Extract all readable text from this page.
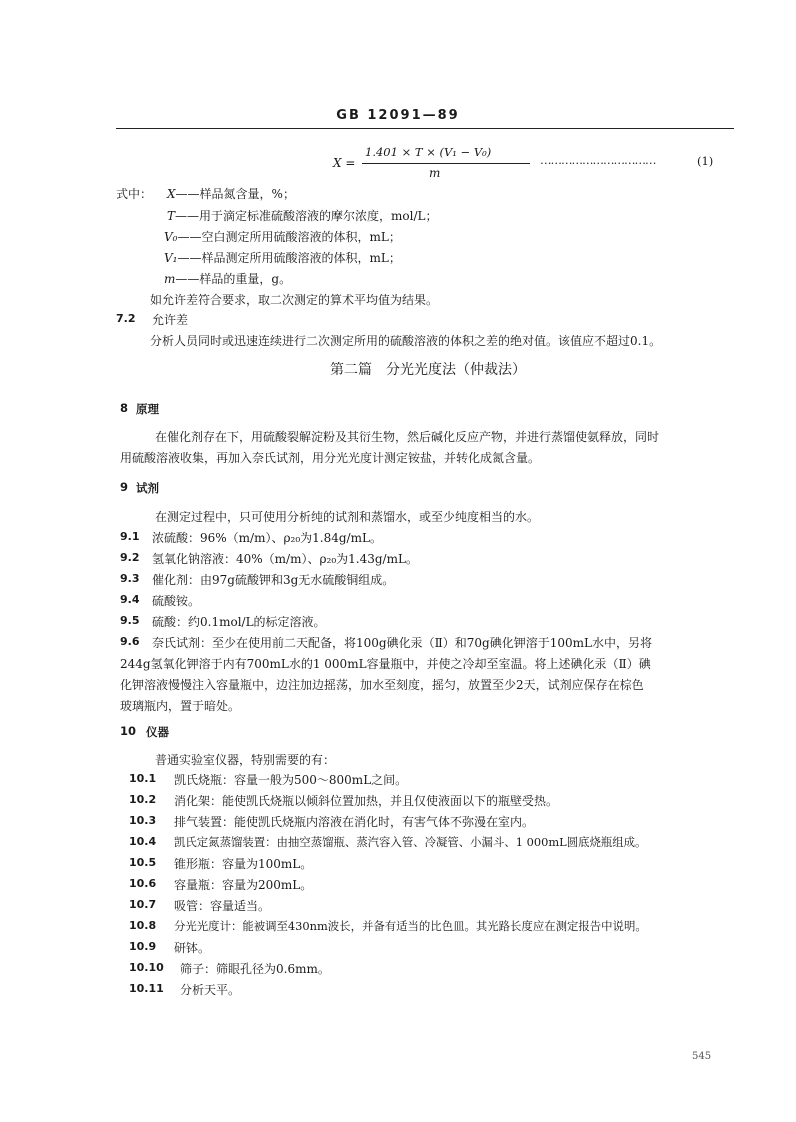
GB 12091—89
X =
1.401 × T × (V₁ − V₀)
m
……………………………	(1)
式中： X——样品氮含量，%；
T——用于滴定标准硫酸溶液的摩尔浓度，mol/L；
V₀——空白测定所用硫酸溶液的体积，mL；
V₁——样品测定所用硫酸溶液的体积，mL；
m——样品的重量，g。
如允许差符合要求，取二次测定的算术平均值为结果。
7.2 允许差
分析人员同时或迅速连续进行二次测定所用的硫酸溶液的体积之差的绝对值。该值应不超过0.1。
第二篇　分光光度法（仲裁法）
8 原理
在催化剂存在下，用硫酸裂解淀粉及其衍生物，然后碱化反应产物，并进行蒸馏使氨释放，同时
用硫酸溶液收集，再加入奈氏试剂，用分光光度计测定铵盐，并转化成氮含量。
9 试剂
在测定过程中，只可使用分析纯的试剂和蒸馏水，或至少纯度相当的水。
9.1 浓硫酸：96%（m/m）、ρ₂₀为1.84g/mL。
9.2 氢氧化钠溶液：40%（m/m）、ρ₂₀为1.43g/mL。
9.3 催化剂：由97g硫酸钾和3g无水硫酸铜组成。
9.4 硫酸铵。
9.5 硫酸：约0.1mol/L的标定溶液。
9.6 奈氏试剂：至少在使用前二天配备，将100g碘化汞（Ⅱ）和70g碘化钾溶于100mL水中，另将
244g氢氧化钾溶于内有700mL水的1 000mL容量瓶中，并使之冷却至室温。将上述碘化汞（Ⅱ）碘
化钾溶液慢慢注入容量瓶中，边注加边摇荡，加水至刻度，摇匀，放置至少2天，试剂应保存在棕色
玻璃瓶内，置于暗处。
10 仪器
普通实验室仪器，特别需要的有：
10.1 凯氏烧瓶：容量一般为500～800mL之间。
10.2 消化架：能使凯氏烧瓶以倾斜位置加热，并且仅使液面以下的瓶壁受热。
10.3 排气装置：能使凯氏烧瓶内溶液在消化时，有害气体不弥漫在室内。
10.4 凯氏定氮蒸馏装置：由抽空蒸馏瓶、蒸汽容入管、冷凝管、小漏斗、1 000mL圆底烧瓶组成。
10.5 锥形瓶：容量为100mL。
10.6 容量瓶：容量为200mL。
10.7 吸管：容量适当。
10.8 分光光度计：能被调至430nm波长，并备有适当的比色皿。其光路长度应在测定报告中说明。
10.9 研钵。
10.10 筛子：筛眼孔径为0.6mm。
10.11 分析天平。
545
